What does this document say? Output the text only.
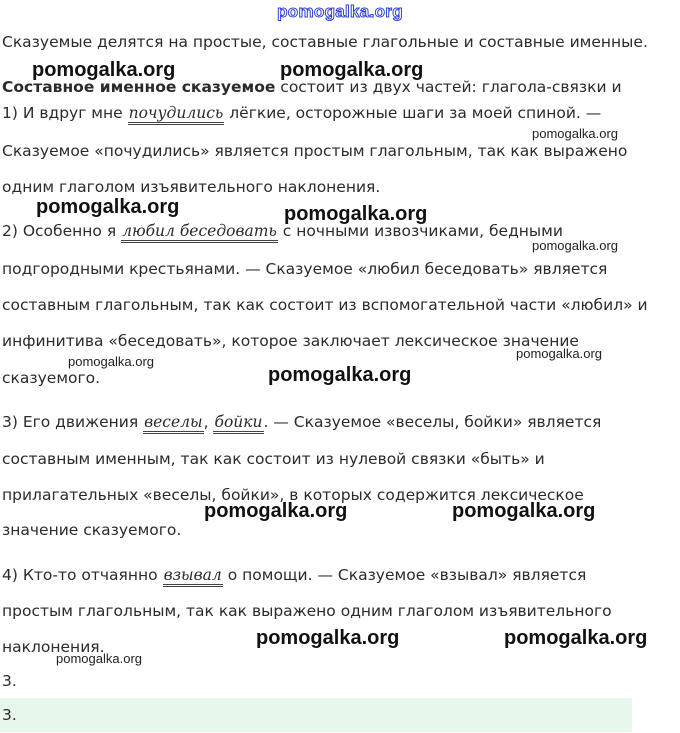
pomogalka.org
Сказуемые делятся на простые, составные глагольные и составные именные.
Составное именное сказуемое состоит из двух частей: глагола-связки и
1) И вдруг мне почудились лёгкие, осторожные шаги за моей спиной. —
Сказуемое «почудились» является простым глагольным, так как выражено
одним глаголом изъявительного наклонения.
2) Особенно я любил беседовать с ночными извозчиками, бедными
подгородными крестьянами. — Сказуемое «любил беседовать» является
составным глагольным, так как состоит из вспомогательной части «любил» и
инфинитива «беседовать», которое заключает лексическое значение
сказуемого.
3) Его движения веселы, бойки. — Сказуемое «веселы, бойки» является
составным именным, так как состоит из нулевой связки «быть» и
прилагательных «веселы, бойки», в которых содержится лексическое
значение сказуемого.
4) Кто-то отчаянно взывал о помощи. — Сказуемое «взывал» является
простым глагольным, так как выражено одним глаголом изъявительного
наклонения.
3.
3.
pomogalka.org	pomogalka.org
pomogalka.org
pomogalka.org	pomogalka.org
pomogalka.org
pomogalka.org
pomogalka.org
pomogalka.org
pomogalka.org	pomogalka.org
pomogalka.org	pomogalka.org
pomogalka.org
